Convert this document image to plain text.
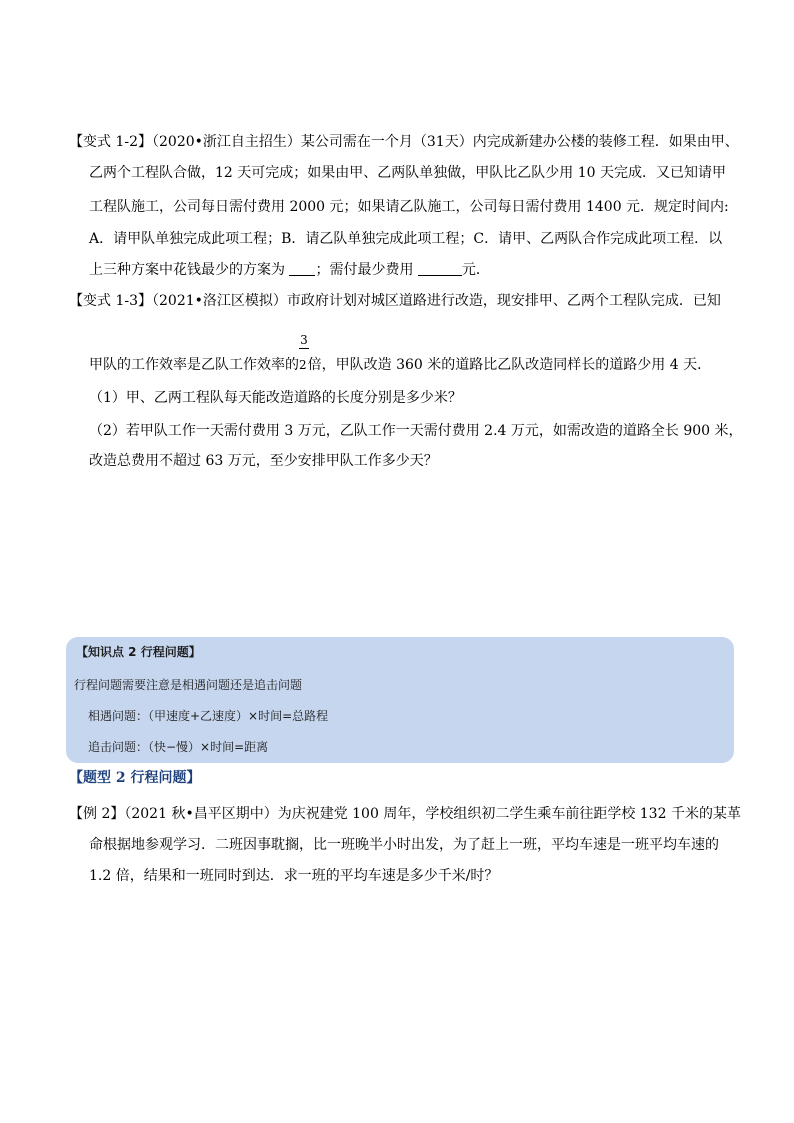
【变式 1-2】（2020•浙江自主招生）某公司需在一个月（31天）内完成新建办公楼的装修工程．如果由甲、
乙两个工程队合做，12 天可完成；如果由甲、乙两队单独做，甲队比乙队少用 10 天完成．又已知请甲
工程队施工，公司每日需付费用 2000 元；如果请乙队施工，公司每日需付费用 1400 元．规定时间内:
A．请甲队单独完成此项工程；B．请乙队单独完成此项工程；C．请甲、乙两队合作完成此项工程．以
上三种方案中花钱最少的方案为 ；需付最少费用	元．
【变式 1-3】（2021•洛江区模拟）市政府计划对城区道路进行改造，现安排甲、乙两个工程队完成．已知
3
甲队的工作效率是乙队工作效率的2倍，甲队改造 360 米的道路比乙队改造同样长的道路少用 4 天．
（1）甲、乙两工程队每天能改造道路的长度分别是多少米？
（2）若甲队工作一天需付费用 3 万元，乙队工作一天需付费用 2.4 万元，如需改造的道路全长 900 米，
改造总费用不超过 63 万元，至少安排甲队工作多少天？
【知识点 2 行程问题】
行程问题需要注意是相遇问题还是追击问题
相遇问题：（甲速度+乙速度）×时间=总路程
追击问题：（快−慢）×时间=距离
【题型 2 行程问题】
【例 2】（2021 秋•昌平区期中）为庆祝建党 100 周年，学校组织初二学生乘车前往距学校 132 千米的某革
命根据地参观学习．二班因事耽搁，比一班晚半小时出发，为了赶上一班，平均车速是一班平均车速的
1.2 倍，结果和一班同时到达．求一班的平均车速是多少千米/时？
